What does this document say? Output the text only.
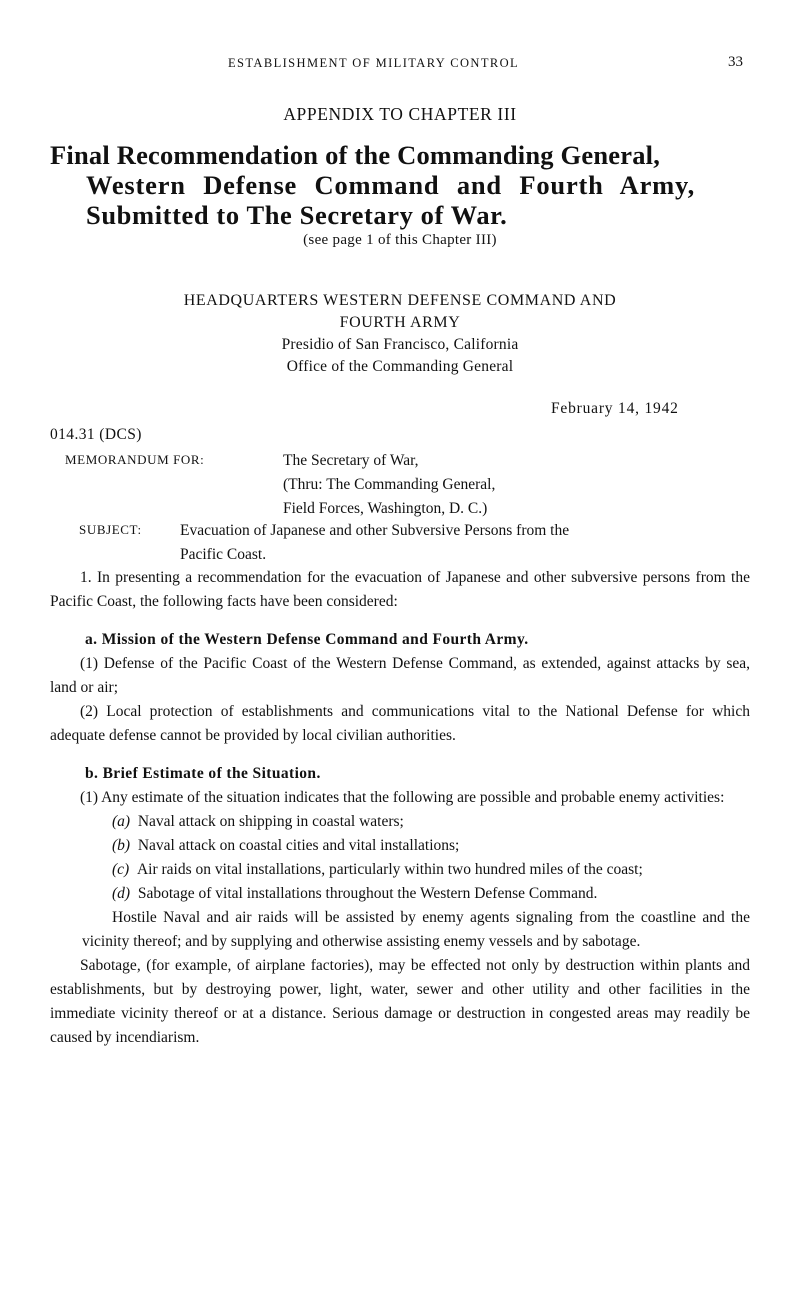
ESTABLISHMENT OF MILITARY CONTROL	33
APPENDIX TO CHAPTER III
Final Recommendation of the Commanding General,
Western Defense Command and Fourth Army,
Submitted to The Secretary of War.
(see page 1 of this Chapter III)
HEADQUARTERS WESTERN DEFENSE COMMAND AND
FOURTH ARMY
Presidio of San Francisco, California
Office of the Commanding General
February 14, 1942
014.31 (DCS)
MEMORANDUM FOR:	The Secretary of War,
(Thru: The Commanding General,
Field Forces, Washington, D. C.)
SUBJECT: Evacuation of Japanese and other Subversive Persons from the
Pacific Coast.

1. In presenting a recommendation for the evacuation of Japanese and other subversive persons from the Pacific Coast, the following facts have been considered:

a. Mission of the Western Defense Command and Fourth Army.

(1) Defense of the Pacific Coast of the Western Defense Command, as extended, against attacks by sea, land or air;

(2) Local protection of establishments and communications vital to the National Defense for which adequate defense cannot be provided by local civilian authorities.

b. Brief Estimate of the Situation.

(1) Any estimate of the situation indicates that the following are possible and probable enemy activities:

(a) Naval attack on shipping in coastal waters;

(b) Naval attack on coastal cities and vital installations;

(c) Air raids on vital installations, particularly within two hundred miles of the coast;

(d) Sabotage of vital installations throughout the Western Defense Command.

Hostile Naval and air raids will be assisted by enemy agents signaling from the coastline and the vicinity thereof; and by supplying and otherwise assisting enemy vessels and by sabotage.

Sabotage, (for example, of airplane factories), may be effected not only by destruction within plants and establishments, but by destroying power, light, water, sewer and other utility and other facilities in the immediate vicinity thereof or at a distance. Serious damage or destruction in congested areas may readily be caused by incendiarism.
